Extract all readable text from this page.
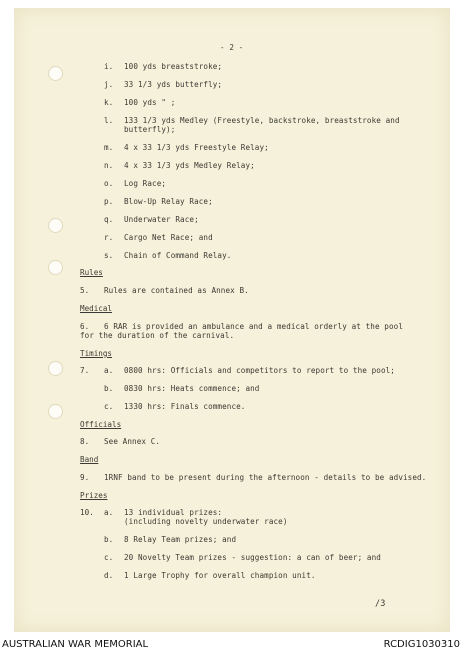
- 2 -
i. 100 yds breaststroke;
j. 33 1/3 yds butterfly;
k. 100 yds " ;
l. 133 1/3 yds Medley (Freestyle, backstroke, breaststroke and
butterfly);
m. 4 x 33 1/3 yds Freestyle Relay;
n. 4 x 33 1/3 yds Medley Relay;
o. Log Race;
p. Blow-Up Relay Race;
q. Underwater Race;
r. Cargo Net Race; and
s. Chain of Command Relay.
Rules
5. Rules are contained as Annex B.
Medical
6. 6 RAR is provided an ambulance and a medical orderly at the pool
for the duration of the carnival.
Timings
7. a. 0800 hrs: Officials and competitors to report to the pool;
b. 0830 hrs: Heats commence; and
c. 1330 hrs: Finals commence.
Officials
8. See Annex C.
Band
9. 1RNF band to be present during the afternoon - details to be advised.
Prizes
10. a. 13 individual prizes:
(including novelty underwater race)
b. 8 Relay Team prizes; and
c. 20 Novelty Team prizes - suggestion: a can of beer; and
d. 1 Large Trophy for overall champion unit.
/3
AUSTRALIAN WAR MEMORIAL	RCDIG1030310
